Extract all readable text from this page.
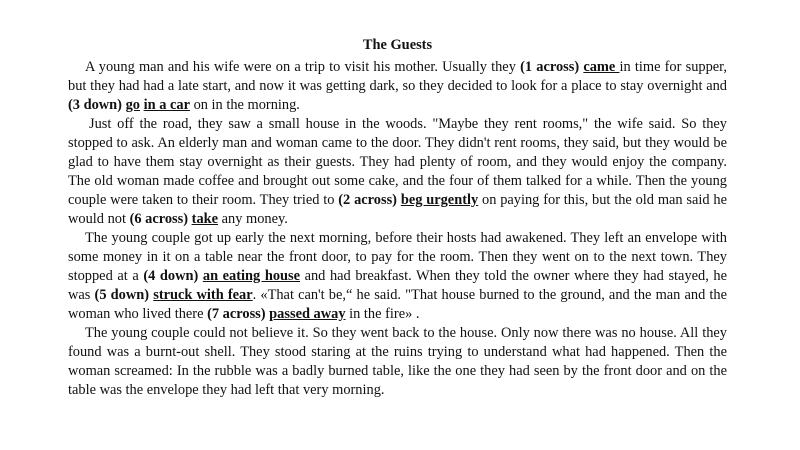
The Guests

A young man and his wife were on a trip to visit his mother. Usually they (1 across) came in time for supper, but they had had a late start, and now it was getting dark, so they decided to look for a place to stay overnight and (3 down) go in a car on in the morning.

Just off the road, they saw a small house in the woods. "Maybe they rent rooms," the wife said. So they stopped to ask. An elderly man and woman came to the door. They didn't rent rooms, they said, but they would be glad to have them stay overnight as their guests. They had plenty of room, and they would enjoy the company. The old woman made coffee and brought out some cake, and the four of them talked for a while. Then the young couple were taken to their room. They tried to (2 across) beg urgently on paying for this, but the old man said he would not (6 across) take any money.

The young couple got up early the next morning, before their hosts had awakened. They left an envelope with some money in it on a table near the front door, to pay for the room. Then they went on to the next town. They stopped at a (4 down) an eating house and had breakfast. When they told the owner where they had stayed, he was (5 down) struck with fear. «That can't be,“ he said. "That house burned to the ground, and the man and the woman who lived there (7 across) passed away in the fire» .

The young couple could not believe it. So they went back to the house. Only now there was no house. All they found was a burnt-out shell. They stood staring at the ruins trying to understand what had happened. Then the woman screamed: In the rubble was a badly burned table, like the one they had seen by the front door and on the table was the envelope they had left that very morning.
